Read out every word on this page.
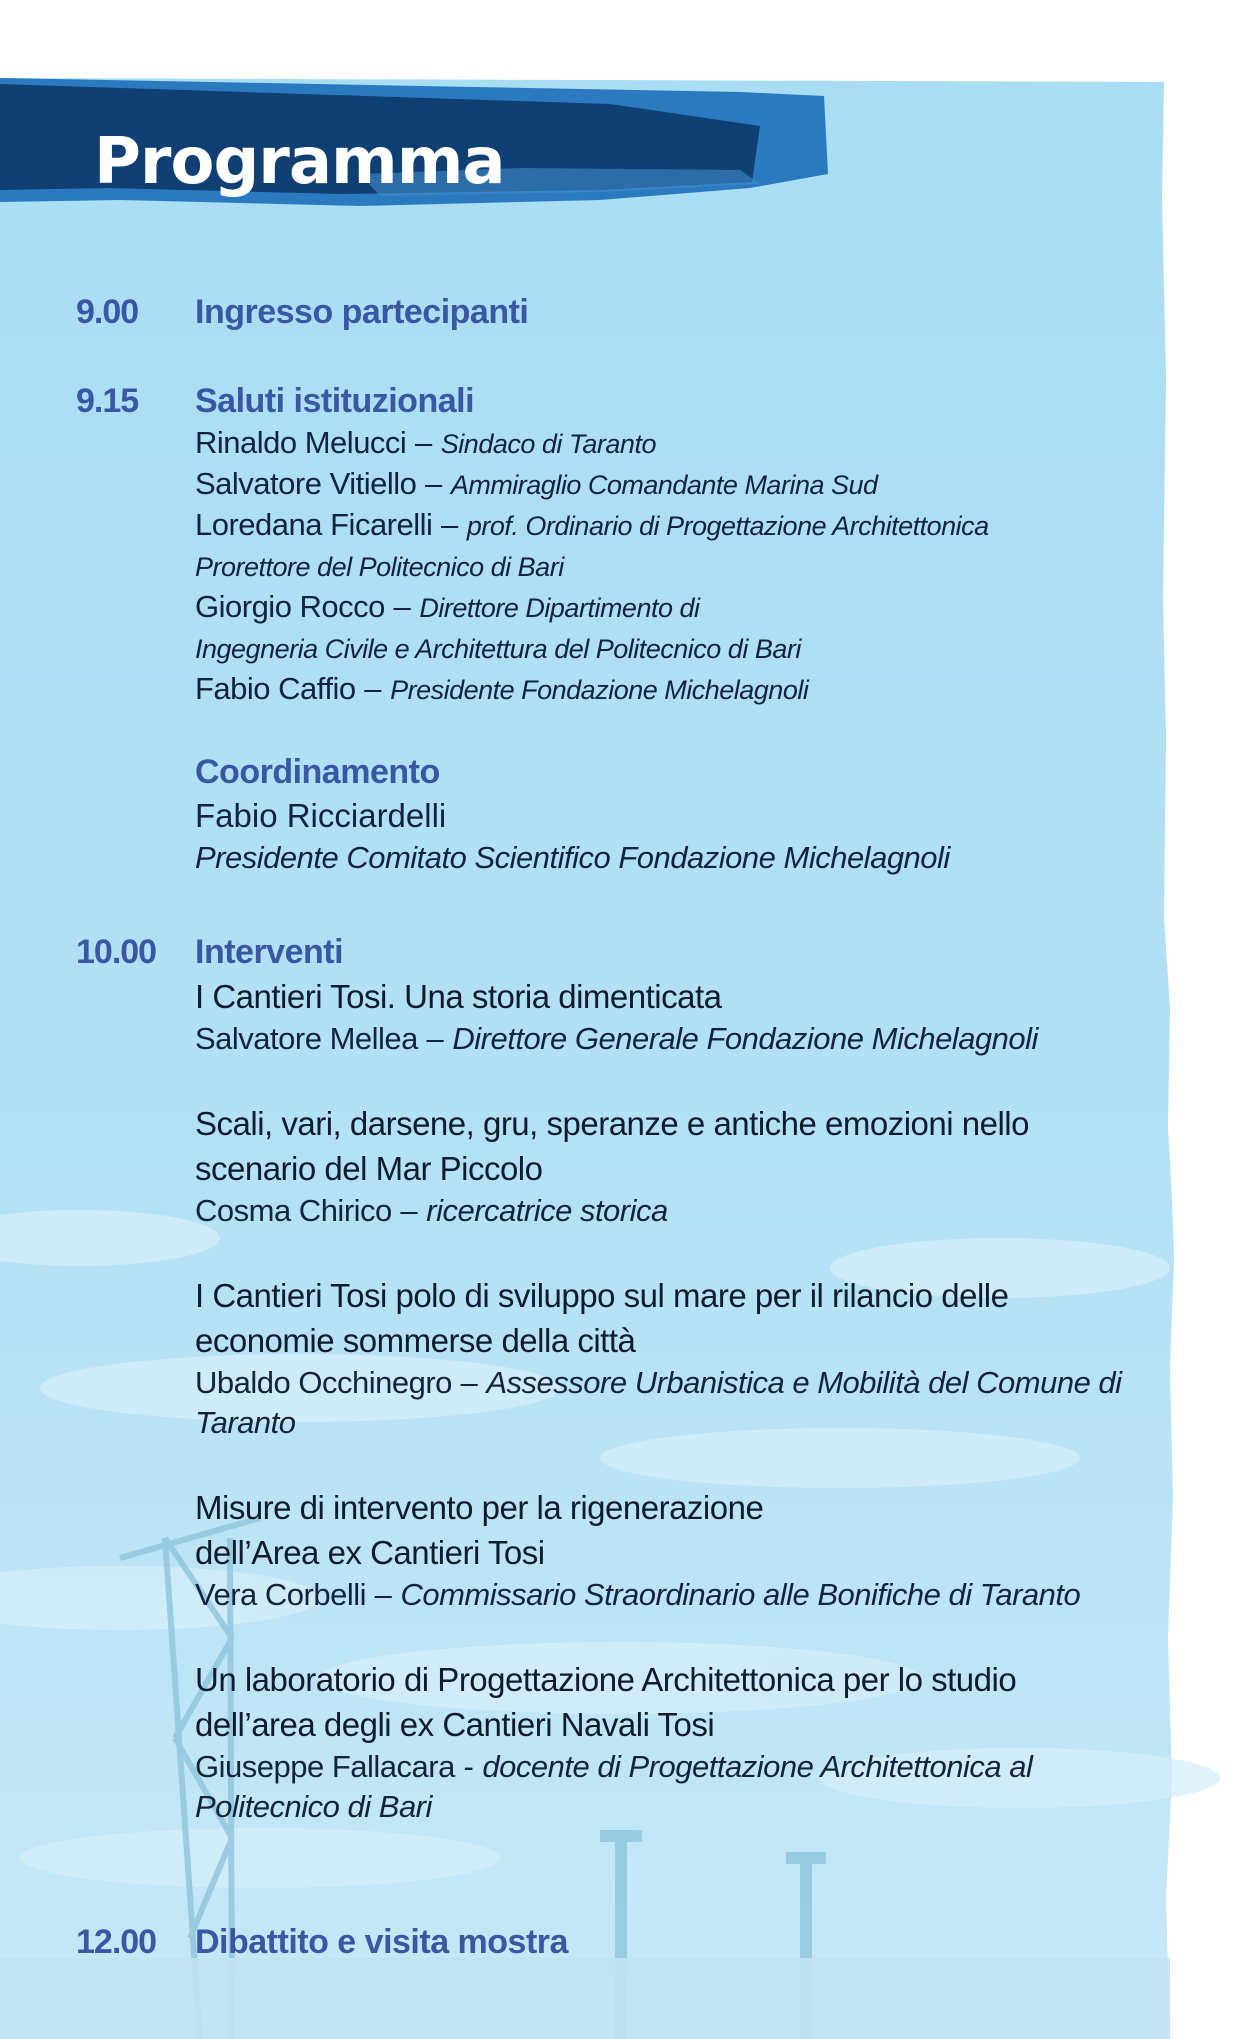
Programma
9.00 Ingresso partecipanti
9.15 Saluti istituzionali
Rinaldo Melucci – Sindaco di Taranto
Salvatore Vitiello – Ammiraglio Comandante Marina Sud
Loredana Ficarelli – prof. Ordinario di Progettazione Architettonica
Prorettore del Politecnico di Bari
Giorgio Rocco – Direttore Dipartimento di
Ingegneria Civile e Architettura del Politecnico di Bari
Fabio Caffio – Presidente Fondazione Michelagnoli
Coordinamento
Fabio Ricciardelli
Presidente Comitato Scientifico Fondazione Michelagnoli
10.00 Interventi
I Cantieri Tosi. Una storia dimenticata
Salvatore Mellea – Direttore Generale Fondazione Michelagnoli
Scali, vari, darsene, gru, speranze e antiche emozioni nello
scenario del Mar Piccolo
Cosma Chirico – ricercatrice storica
I Cantieri Tosi polo di sviluppo sul mare per il rilancio delle
economie sommerse della città
Ubaldo Occhinegro – Assessore Urbanistica e Mobilità del Comune di
Taranto
Misure di intervento per la rigenerazione
dell’Area ex Cantieri Tosi
Vera Corbelli – Commissario Straordinario alle Bonifiche di Taranto
Un laboratorio di Progettazione Architettonica per lo studio
dell’area degli ex Cantieri Navali Tosi
Giuseppe Fallacara - docente di Progettazione Architettonica al
Politecnico di Bari
12.00 Dibattito e visita mostra
